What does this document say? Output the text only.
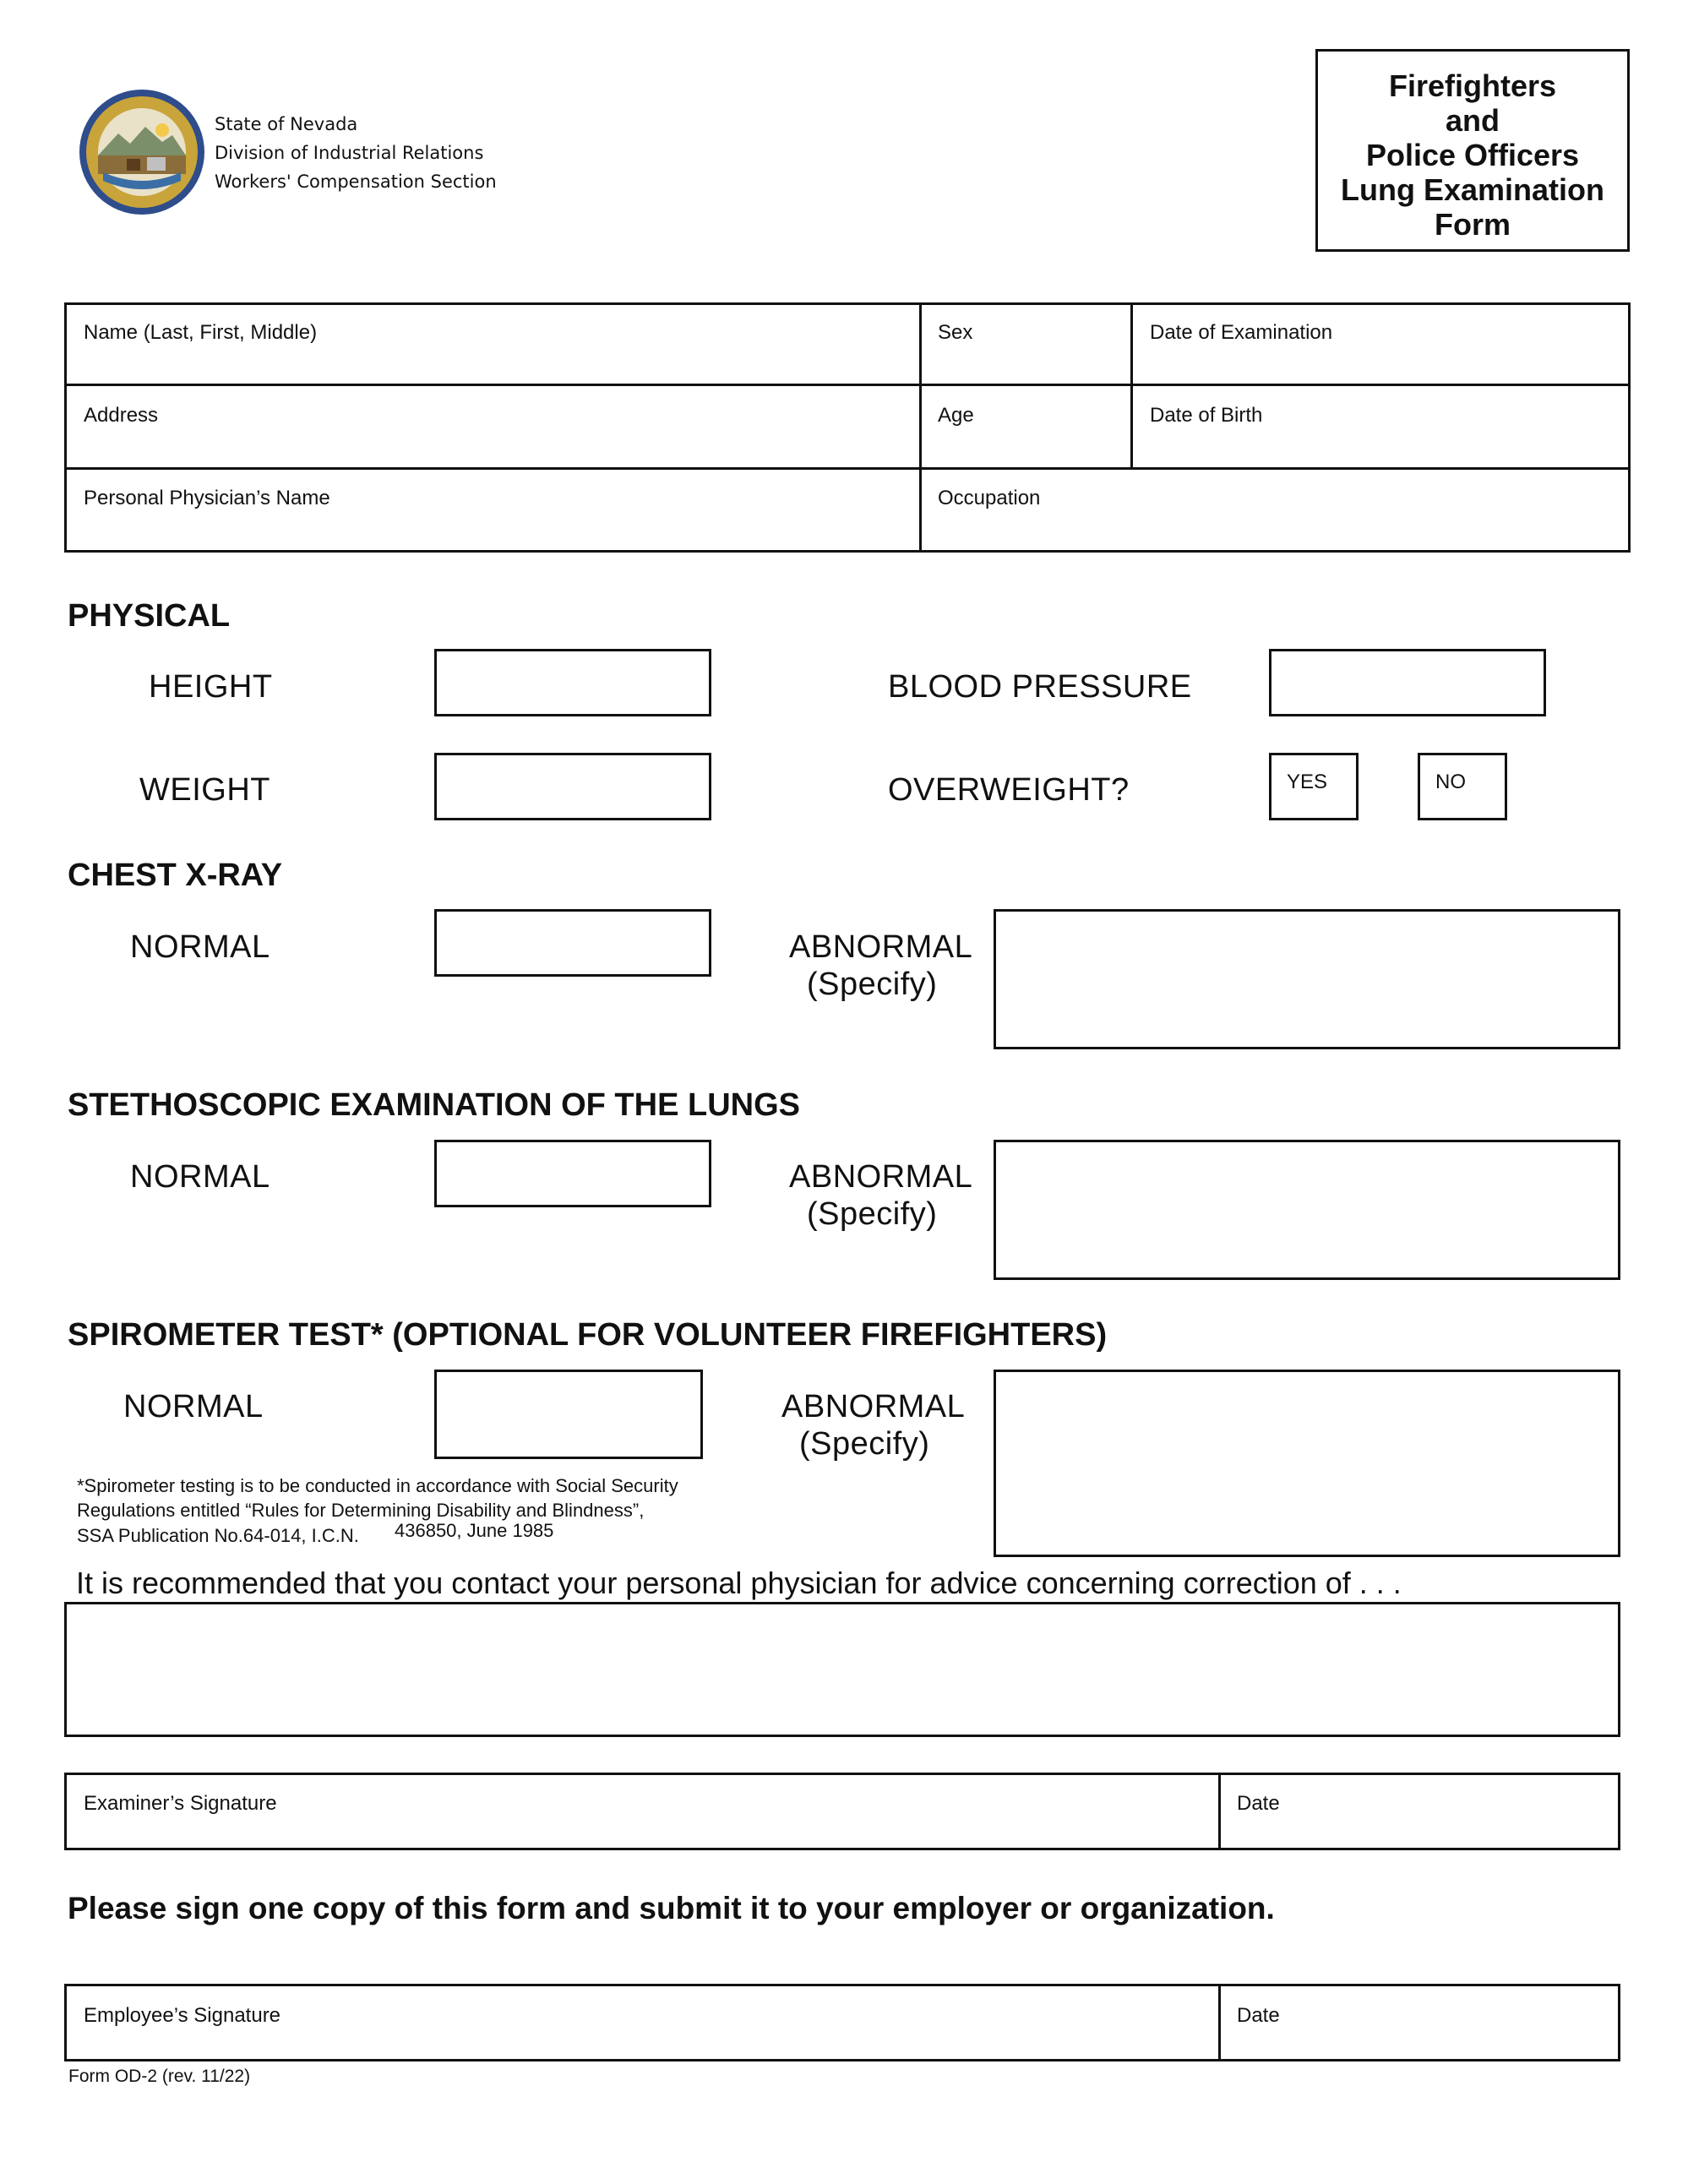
State of Nevada
Division of Industrial Relations
Workers' Compensation Section
Firefighters
and
Police Officers
Lung Examination
Form
Name (Last, First, Middle)	Sex	Date of Examination
Address	Age	Date of Birth
Personal Physician’s Name	Occupation
PHYSICAL
HEIGHT	BLOOD PRESSURE
WEIGHT	OVERWEIGHT?	YES	NO
CHEST X-RAY
NORMAL	ABNORMAL
(Specify)
STETHOSCOPIC EXAMINATION OF THE LUNGS
NORMAL	ABNORMAL
(Specify)
SPIROMETER TEST* (OPTIONAL FOR VOLUNTEER FIREFIGHTERS)
NORMAL	ABNORMAL
(Specify)
*Spirometer testing is to be conducted in accordance with Social Security
Regulations entitled “Rules for Determining Disability and Blindness”,
SSA Publication No.64-014, I.C.N. 436850, June 1985
It is recommended that you contact your personal physician for advice concerning correction of . . .
Examiner’s Signature	Date
Please sign one copy of this form and submit it to your employer or organization.
Employee’s Signature	Date
Form OD-2 (rev. 11/22)
